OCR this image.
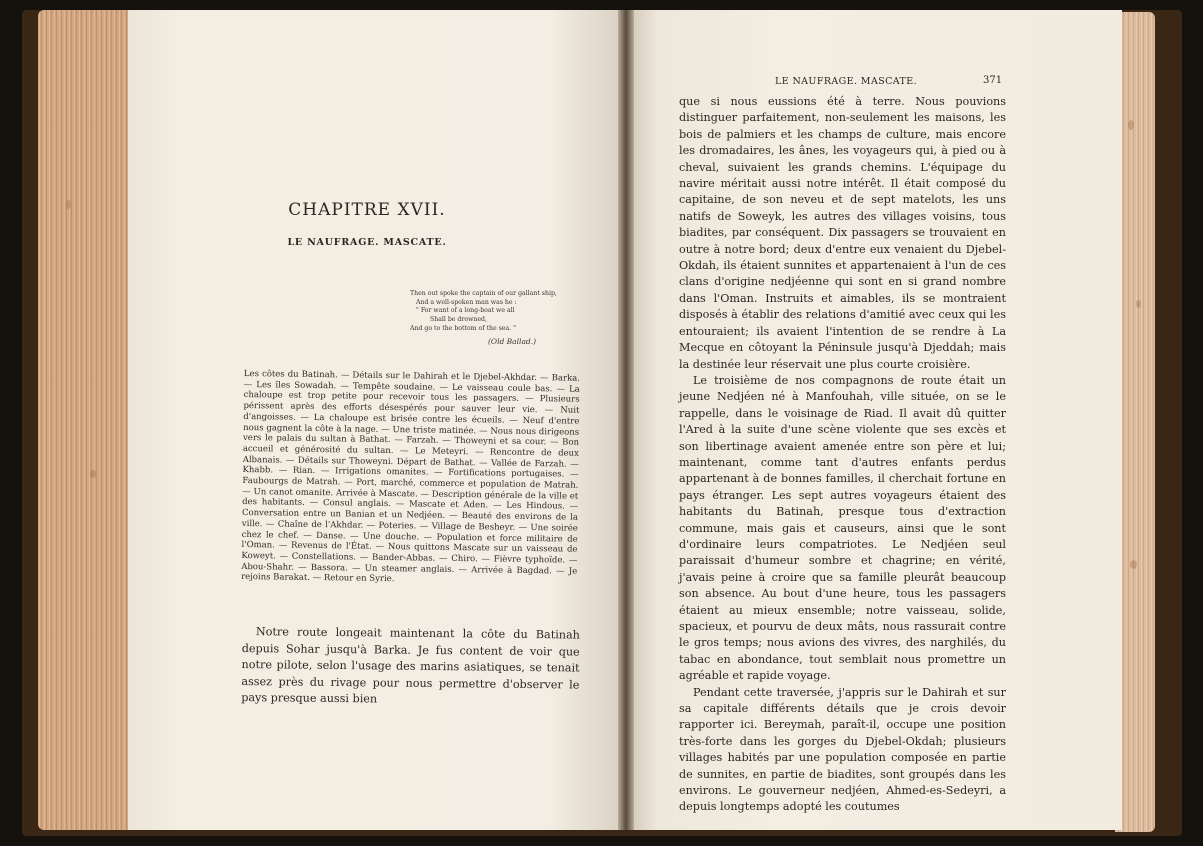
CHAPITRE XVII.
LE NAUFRAGE. MASCATE.
Then out spoke the captain of our gallant ship,
And a well-spoken man was he :
" For want of a long-boat we all
Shall be drowned,
And go to the bottom of the sea. "
(Old Ballad.)
Les côtes du Batinah. — Détails sur le Dahirah et le Djebel-Akhdar. — Barka. — Les îles Sowadah. — Tempête soudaine. — Le vaisseau coule bas. — La chaloupe est trop petite pour recevoir tous les passagers. — Plusieurs périssent après des efforts désespérés pour sauver leur vie. — Nuit d'angoisses. — La chaloupe est brisée contre les écueils. — Neuf d'entre nous gagnent la côte à la nage. — Une triste matinée. — Nous nous dirigeons vers le palais du sultan à Bathat. — Farzah. — Thoweyni et sa cour. — Bon accueil et générosité du sultan. — Le Meteyri. — Rencontre de deux Albanais. — Détails sur Thoweyni. Départ de Bathat. — Vallée de Farzah. — Khabb. — Rian. — Irrigations omanites. — Fortifications portugaises. — Faubourgs de Matrah. — Port, marché, commerce et population de Matrah. — Un canot omanite. Arrivée à Mascate. — Description générale de la ville et des habitants. — Consul anglais. — Mascate et Aden. — Les Hindous. — Conversation entre un Banian et un Nedjéen. — Beauté des environs de la ville. — Chaîne de l'Akhdar. — Poteries. — Village de Besheyr. — Une soirée chez le chef. — Danse. — Une douche. — Population et force militaire de l'Oman. — Revenus de l'État. — Nous quittons Mascate sur un vaisseau de Koweyt. — Constellations. — Bander-Abbas. — Chiro. — Fièvre typhoïde. — Abou-Shahr. — Bassora. — Un steamer anglais. — Arrivée à Bagdad. — Je rejoins Barakat. — Retour en Syrie.
Notre route longeait maintenant la côte du Batinah depuis Sohar jusqu'à Barka. Je fus content de voir que notre pilote, selon l'usage des marins asiatiques, se tenait assez près du rivage pour nous permettre d'observer le pays presque aussi bien
LE NAUFRAGE. MASCATE.	371

que si nous eussions été à terre. Nous pouvions distinguer parfaitement, non-seulement les maisons, les bois de palmiers et les champs de culture, mais encore les dromadaires, les ânes, les voyageurs qui, à pied ou à cheval, suivaient les grands chemins. L'équipage du navire méritait aussi notre intérêt. Il était composé du capitaine, de son neveu et de sept matelots, les uns natifs de Soweyk, les autres des villages voisins, tous biadites, par conséquent. Dix passagers se trouvaient en outre à notre bord; deux d'entre eux venaient du Djebel-Okdah, ils étaient sunnites et appartenaient à l'un de ces clans d'origine nedjéenne qui sont en si grand nombre dans l'Oman. Instruits et aimables, ils se montraient disposés à établir des relations d'amitié avec ceux qui les entouraient; ils avaient l'intention de se rendre à La Mecque en côtoyant la Péninsule jusqu'à Djeddah; mais la destinée leur réservait une plus courte croisière.

Le troisième de nos compagnons de route était un jeune Nedjéen né à Manfouhah, ville située, on se le rappelle, dans le voisinage de Riad. Il avait dû quitter l'Ared à la suite d'une scène violente que ses excès et son libertinage avaient amenée entre son père et lui; maintenant, comme tant d'autres enfants perdus appartenant à de bonnes familles, il cherchait fortune en pays étranger. Les sept autres voyageurs étaient des habitants du Batinah, presque tous d'extraction commune, mais gais et causeurs, ainsi que le sont d'ordinaire leurs compatriotes. Le Nedjéen seul paraissait d'humeur sombre et chagrine; en vérité, j'avais peine à croire que sa famille pleurât beaucoup son absence. Au bout d'une heure, tous les passagers étaient au mieux ensemble; notre vaisseau, solide, spacieux, et pourvu de deux mâts, nous rassurait contre le gros temps; nous avions des vivres, des narghilés, du tabac en abondance, tout semblait nous promettre un agréable et rapide voyage.

Pendant cette traversée, j'appris sur le Dahirah et sur sa capitale différents détails que je crois devoir rapporter ici. Bereymah, paraît-il, occupe une position très-forte dans les gorges du Djebel-Okdah; plusieurs villages habités par une population composée en partie de sunnites, en partie de biadites, sont groupés dans les environs. Le gouverneur nedjéen, Ahmed-es-Sedeyri, a depuis longtemps adopté les coutumes
